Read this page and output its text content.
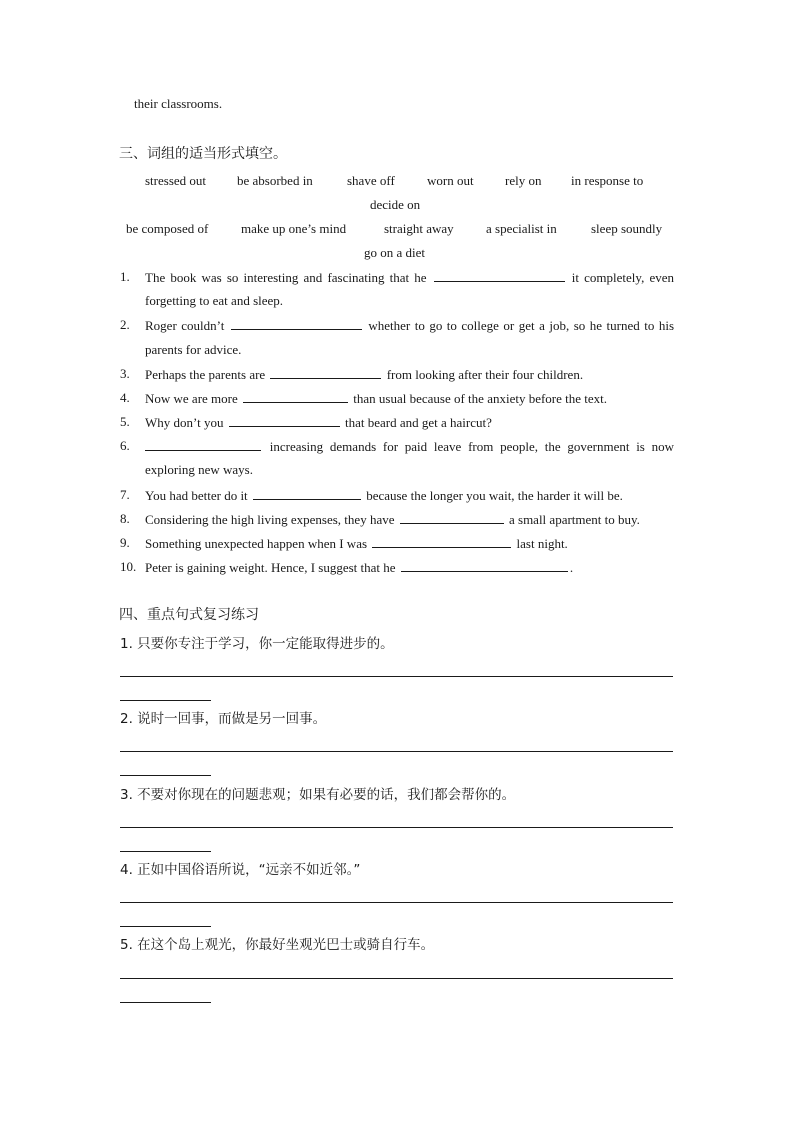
their classrooms.
三、词组的适当形式填空。
stressed out be absorbed in	shave off worn out rely on in response to
decide on
be composed of	make up one’s mind	straight away a specialist in	sleep soundly
go on a diet
1. The book was so interesting and fascinating that he	it completely, even
forgetting to eat and sleep.
2. Roger couldn’t	whether to go to college or get a job, so he turned to his
parents for advice.
3. Perhaps the parents are	from looking after their four children.
4. Now we are more	than usual because of the anxiety before the text.
5. Why don’t you	that beard and get a haircut?
6.	increasing demands for paid leave from people, the government is now
exploring new ways.
7. You had better do it	because the longer you wait, the harder it will be.
8. Considering the high living expenses, they have	a small apartment to buy.
9. Something unexpected happen when I was	last night.
10. Peter is gaining weight. Hence, I suggest that he	.
四、重点句式复习练习
1. 只要你专注于学习，你一定能取得进步的。
2. 说时一回事，而做是另一回事。
3. 不要对你现在的问题悲观；如果有必要的话，我们都会帮你的。
4. 正如中国俗语所说，“远亲不如近邻。”
5. 在这个岛上观光，你最好坐观光巴士或骑自行车。
